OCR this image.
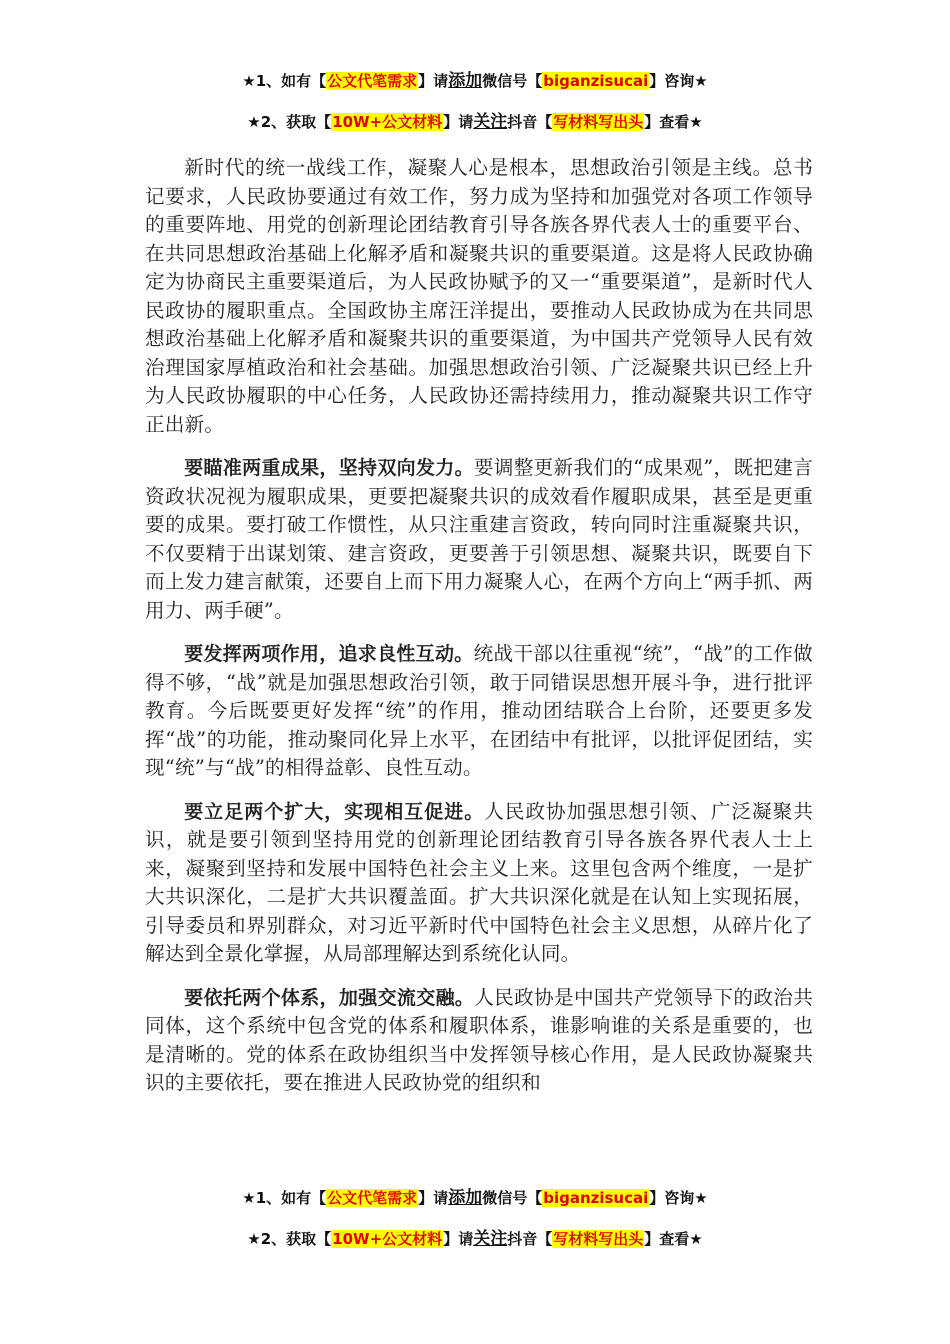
★1、如有【公文代笔需求】请添加微信号【biganzisucai】咨询★
★2、获取【10W+公文材料】请关注抖音【写材料写出头】查看★

新时代的统一战线工作，凝聚人心是根本，思想政治引领是主线。总书记要求，人民政协要通过有效工作，努力成为坚持和加强党对各项工作领导的重要阵地、用党的创新理论团结教育引导各族各界代表人士的重要平台、在共同思想政治基础上化解矛盾和凝聚共识的重要渠道。这是将人民政协确定为协商民主重要渠道后，为人民政协赋予的又一“重要渠道”，是新时代人民政协的履职重点。全国政协主席汪洋提出，要推动人民政协成为在共同思想政治基础上化解矛盾和凝聚共识的重要渠道，为中国共产党领导人民有效治理国家厚植政治和社会基础。加强思想政治引领、广泛凝聚共识已经上升为人民政协履职的中心任务，人民政协还需持续用力，推动凝聚共识工作守正出新。

要瞄准两重成果，坚持双向发力。要调整更新我们的“成果观”，既把建言资政状况视为履职成果，更要把凝聚共识的成效看作履职成果，甚至是更重要的成果。要打破工作惯性，从只注重建言资政，转向同时注重凝聚共识，不仅要精于出谋划策、建言资政，更要善于引领思想、凝聚共识，既要自下而上发力建言献策，还要自上而下用力凝聚人心，在两个方向上“两手抓、两用力、两手硬”。

要发挥两项作用，追求良性互动。统战干部以往重视“统”，“战”的工作做得不够，“战”就是加强思想政治引领，敢于同错误思想开展斗争，进行批评教育。今后既要更好发挥“统”的作用，推动团结联合上台阶，还要更多发挥“战”的功能，推动聚同化异上水平，在团结中有批评，以批评促团结，实现“统”与“战”的相得益彰、良性互动。

要立足两个扩大，实现相互促进。人民政协加强思想引领、广泛凝聚共识，就是要引领到坚持用党的创新理论团结教育引导各族各界代表人士上来，凝聚到坚持和发展中国特色社会主义上来。这里包含两个维度，一是扩大共识深化，二是扩大共识覆盖面。扩大共识深化就是在认知上实现拓展，引导委员和界别群众，对习近平新时代中国特色社会主义思想，从碎片化了解达到全景化掌握，从局部理解达到系统化认同。

要依托两个体系，加强交流交融。人民政协是中国共产党领导下的政治共同体，这个系统中包含党的体系和履职体系，谁影响谁的关系是重要的，也是清晰的。党的体系在政协组织当中发挥领导核心作用，是人民政协凝聚共识的主要依托，要在推进人民政协党的组织和

★1、如有【公文代笔需求】请添加微信号【biganzisucai】咨询★
★2、获取【10W+公文材料】请关注抖音【写材料写出头】查看★
